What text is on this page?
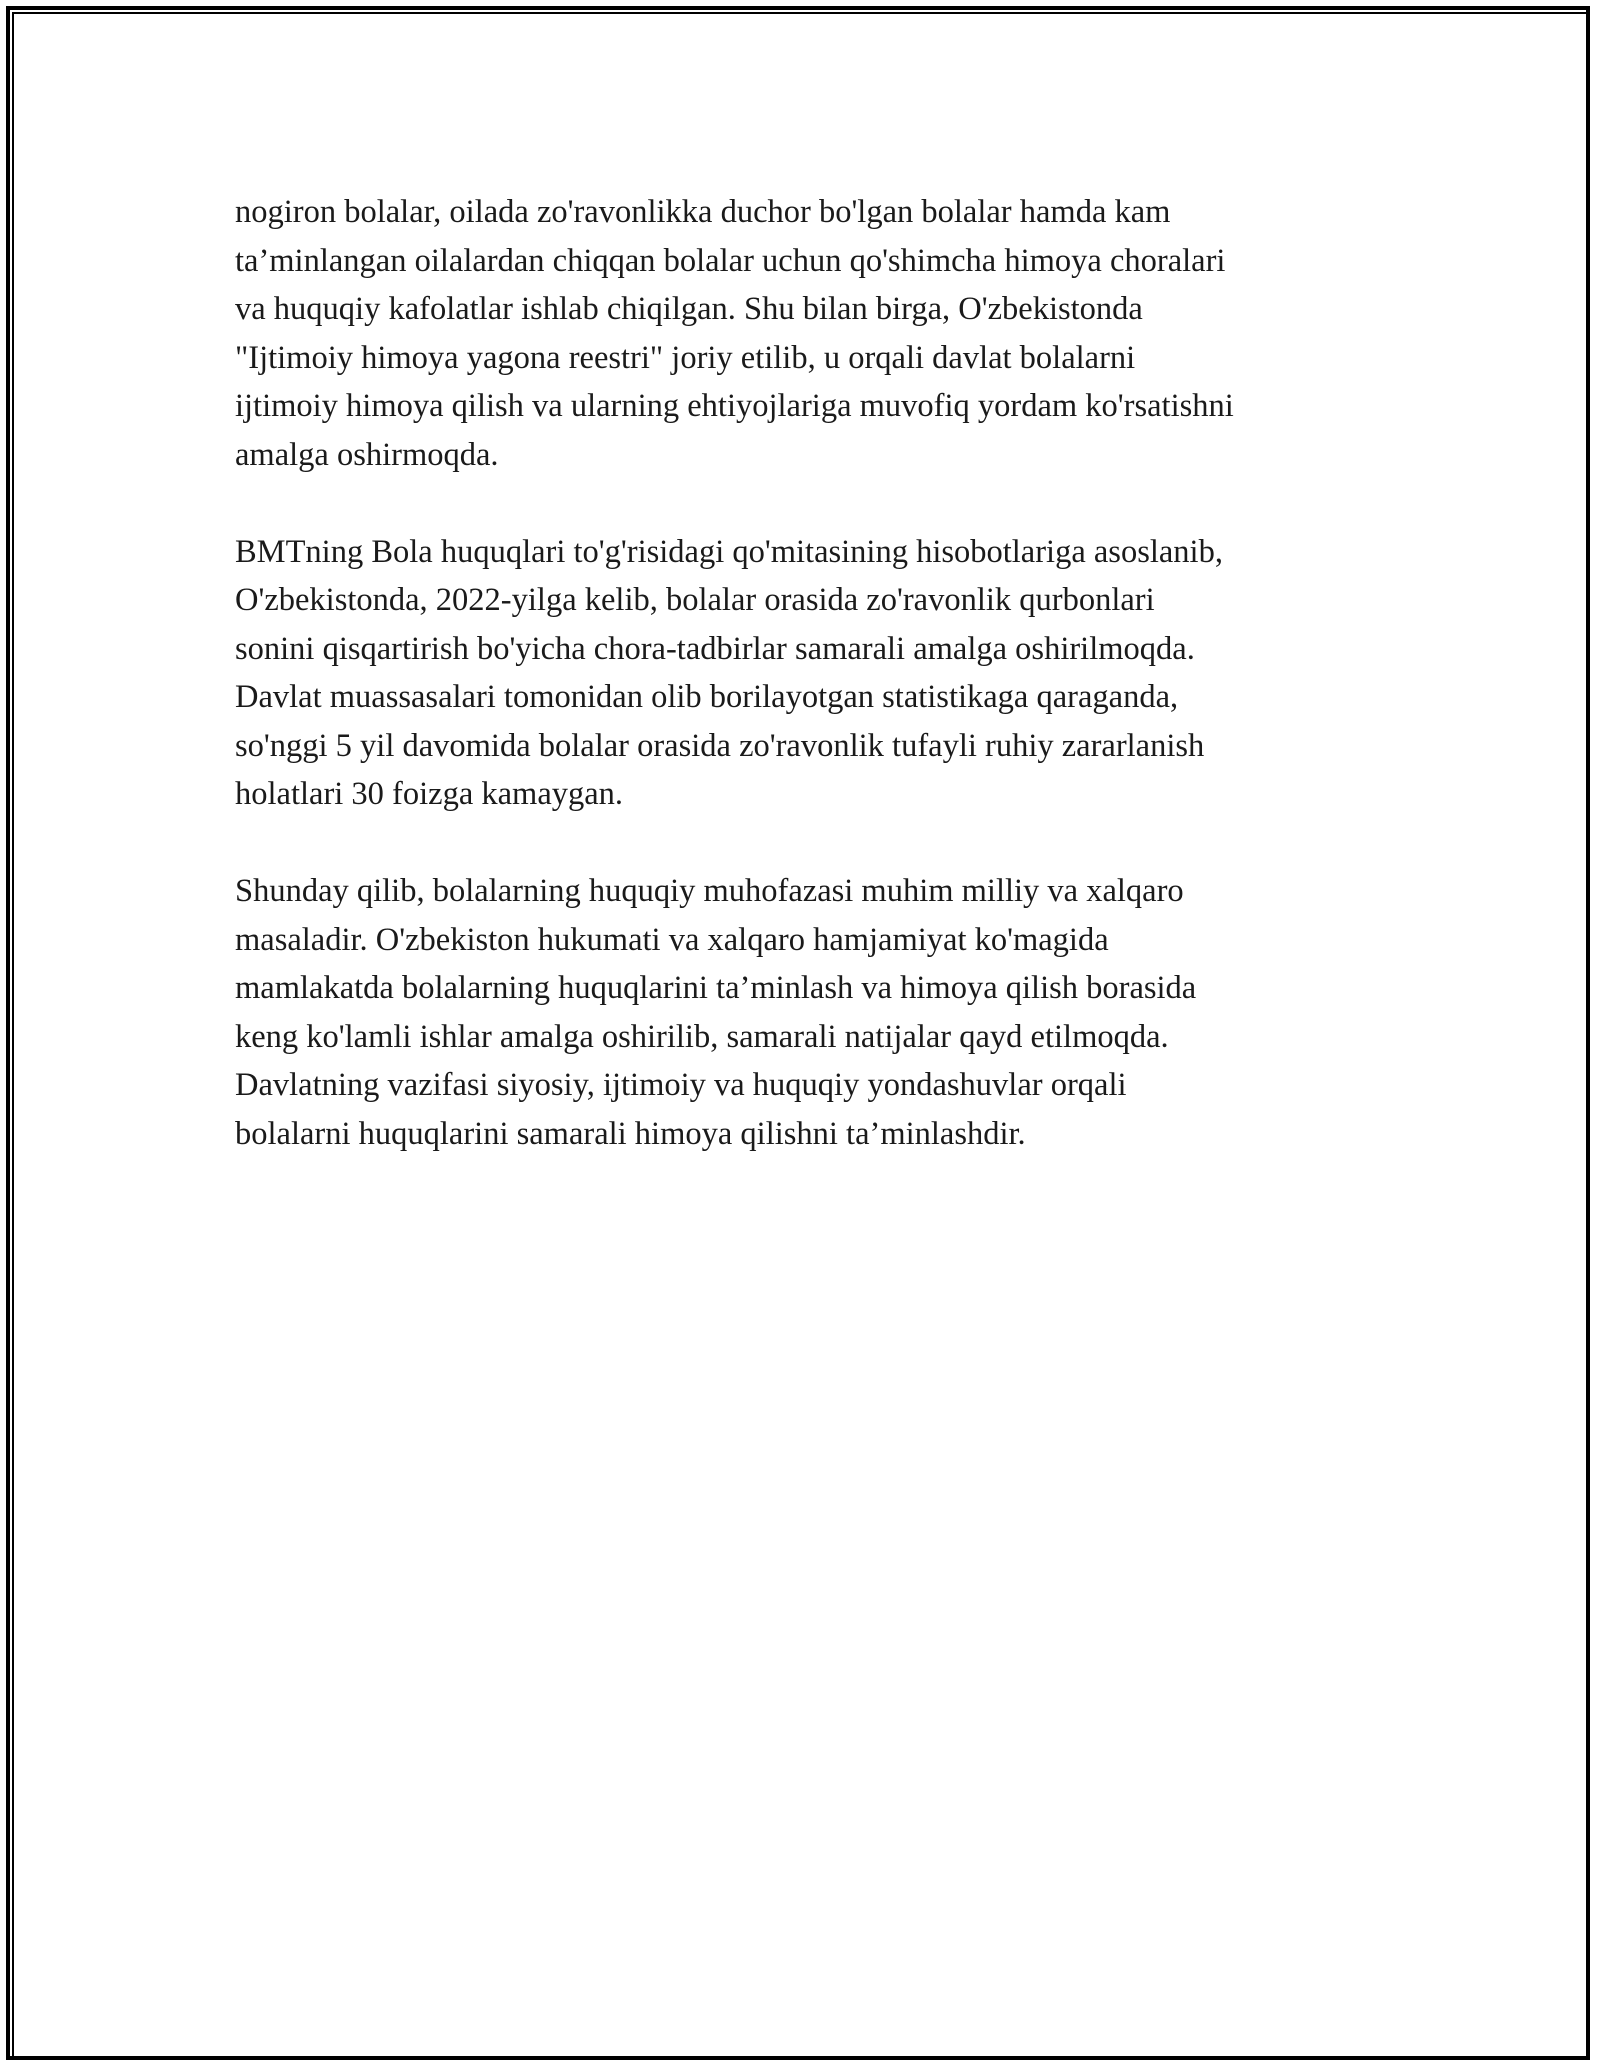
nogiron bolalar, oilada zo'ravonlikka duchor bo'lgan bolalar hamda kam
ta’minlangan oilalardan chiqqan bolalar uchun qo'shimcha himoya choralari
va huquqiy kafolatlar ishlab chiqilgan. Shu bilan birga, O'zbekistonda
"Ijtimoiy himoya yagona reestri" joriy etilib, u orqali davlat bolalarni
ijtimoiy himoya qilish va ularning ehtiyojlariga muvofiq yordam ko'rsatishni
amalga oshirmoqda.

BMTning Bola huquqlari to'g'risidagi qo'mitasining hisobotlariga asoslanib,
O'zbekistonda, 2022-yilga kelib, bolalar orasida zo'ravonlik qurbonlari
sonini qisqartirish bo'yicha chora-tadbirlar samarali amalga oshirilmoqda.
Davlat muassasalari tomonidan olib borilayotgan statistikaga qaraganda,
so'nggi 5 yil davomida bolalar orasida zo'ravonlik tufayli ruhiy zararlanish
holatlari 30 foizga kamaygan.

Shunday qilib, bolalarning huquqiy muhofazasi muhim milliy va xalqaro
masaladir. O'zbekiston hukumati va xalqaro hamjamiyat ko'magida
mamlakatda bolalarning huquqlarini ta’minlash va himoya qilish borasida
keng ko'lamli ishlar amalga oshirilib, samarali natijalar qayd etilmoqda.
Davlatning vazifasi siyosiy, ijtimoiy va huquqiy yondashuvlar orqali
bolalarni huquqlarini samarali himoya qilishni ta’minlashdir.
